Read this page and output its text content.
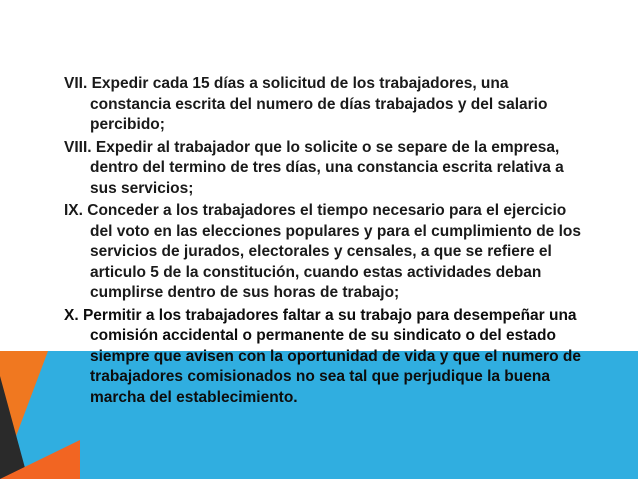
VII. Expedir cada 15 días a solicitud de los trabajadores, una constancia escrita del numero de días trabajados y del salario percibido;

VIII. Expedir al trabajador que lo solicite o se separe de la empresa, dentro del termino de tres días, una constancia escrita relativa a sus servicios;

IX. Conceder a los trabajadores el tiempo necesario para el ejercicio del voto en las elecciones populares y para el cumplimiento de los servicios de jurados, electorales y censales, a que se refiere el articulo 5 de la constitución, cuando estas actividades deban cumplirse dentro de sus horas de trabajo;

X. Permitir a los trabajadores faltar a su trabajo para desempeñar una comisión accidental o permanente de su sindicato o del estado siempre que avisen con la oportunidad de vida y que el numero de trabajadores comisionados no sea tal que perjudique la buena marcha del establecimiento.
